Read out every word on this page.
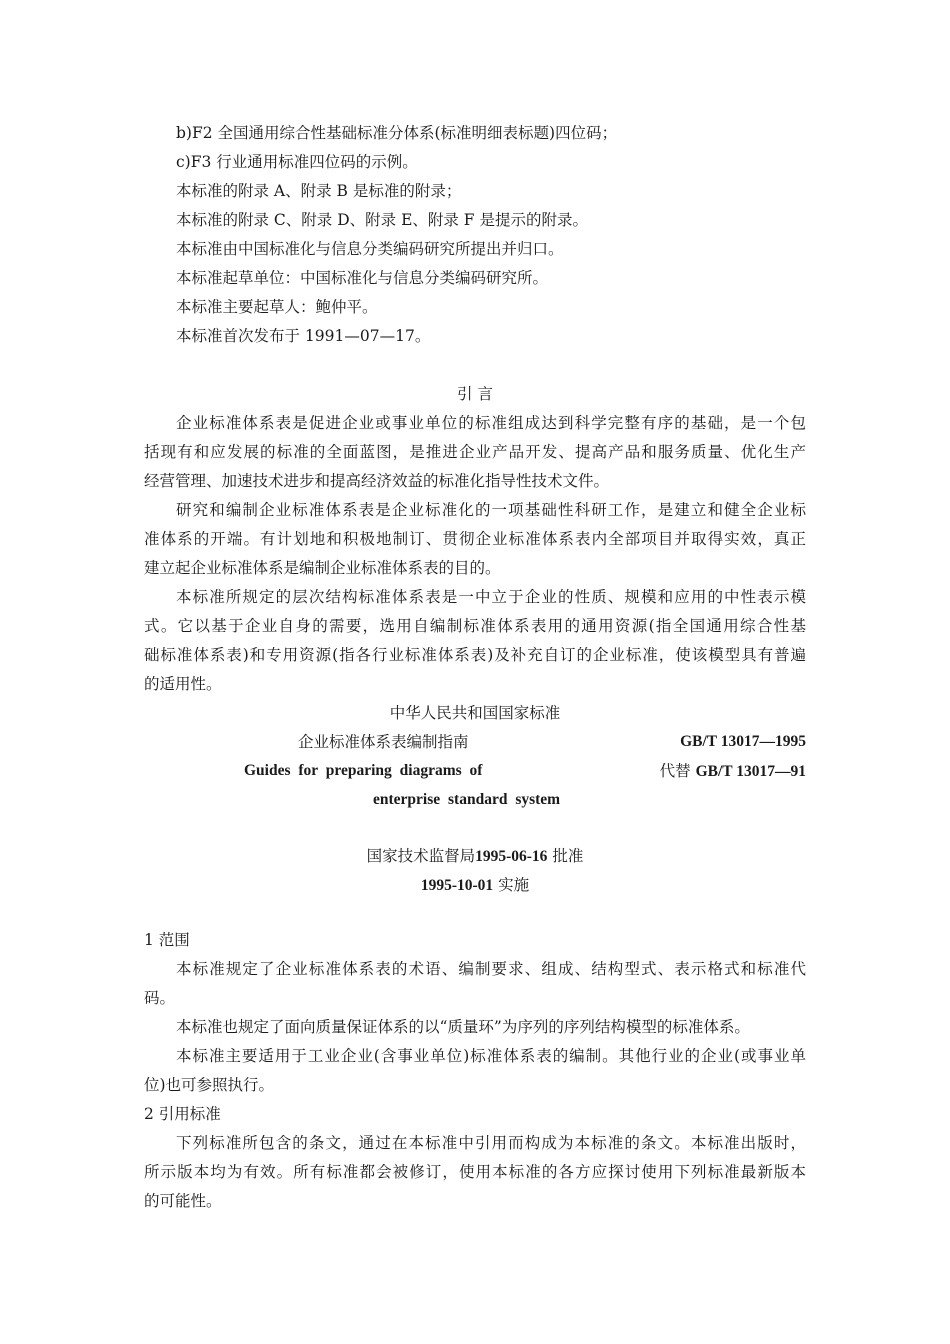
b)F2 全国通用综合性基础标准分体系(标准明细表标题)四位码；
c)F3 行业通用标准四位码的示例。
本标准的附录 A、附录 B 是标准的附录；
本标准的附录 C、附录 D、附录 E、附录 F 是提示的附录。
本标准由中国标准化与信息分类编码研究所提出并归口。
本标准起草单位：中国标准化与信息分类编码研究所。
本标准主要起草人：鲍仲平。
本标准首次发布于 1991—07—17。
引 言
企业标准体系表是促进企业或事业单位的标准组成达到科学完整有序的基础，是一个包
括现有和应发展的标准的全面蓝图，是推进企业产品开发、提高产品和服务质量、优化生产
经营管理、加速技术进步和提高经济效益的标准化指导性技术文件。
研究和编制企业标准体系表是企业标准化的一项基础性科研工作，是建立和健全企业标
准体系的开端。有计划地和积极地制订、贯彻企业标准体系表内全部项目并取得实效，真正
建立起企业标准体系是编制企业标准体系表的目的。
本标准所规定的层次结构标准体系表是一中立于企业的性质、规模和应用的中性表示模
式。它以基于企业自身的需要，选用自编制标准体系表用的通用资源(指全国通用综合性基
础标准体系表)和专用资源(指各行业标准体系表)及补充自订的企业标准，使该模型具有普遍
的适用性。
中华人民共和国国家标准
企业标准体系表编制指南	GB/T 13017—1995
Guides for preparing diagrams of	代替 GB/T 13017—91
enterprise standard system
国家技术监督局1995-06-16 批准
1995-10-01 实施
1 范围
本标准规定了企业标准体系表的术语、编制要求、组成、结构型式、表示格式和标准代
码。
本标准也规定了面向质量保证体系的以“质量环”为序列的序列结构模型的标准体系。
本标准主要适用于工业企业(含事业单位)标准体系表的编制。其他行业的企业(或事业单
位)也可参照执行。
2 引用标准
下列标准所包含的条文，通过在本标准中引用而构成为本标准的条文。本标准出版时，
所示版本均为有效。所有标准都会被修订，使用本标准的各方应探讨使用下列标准最新版本
的可能性。
